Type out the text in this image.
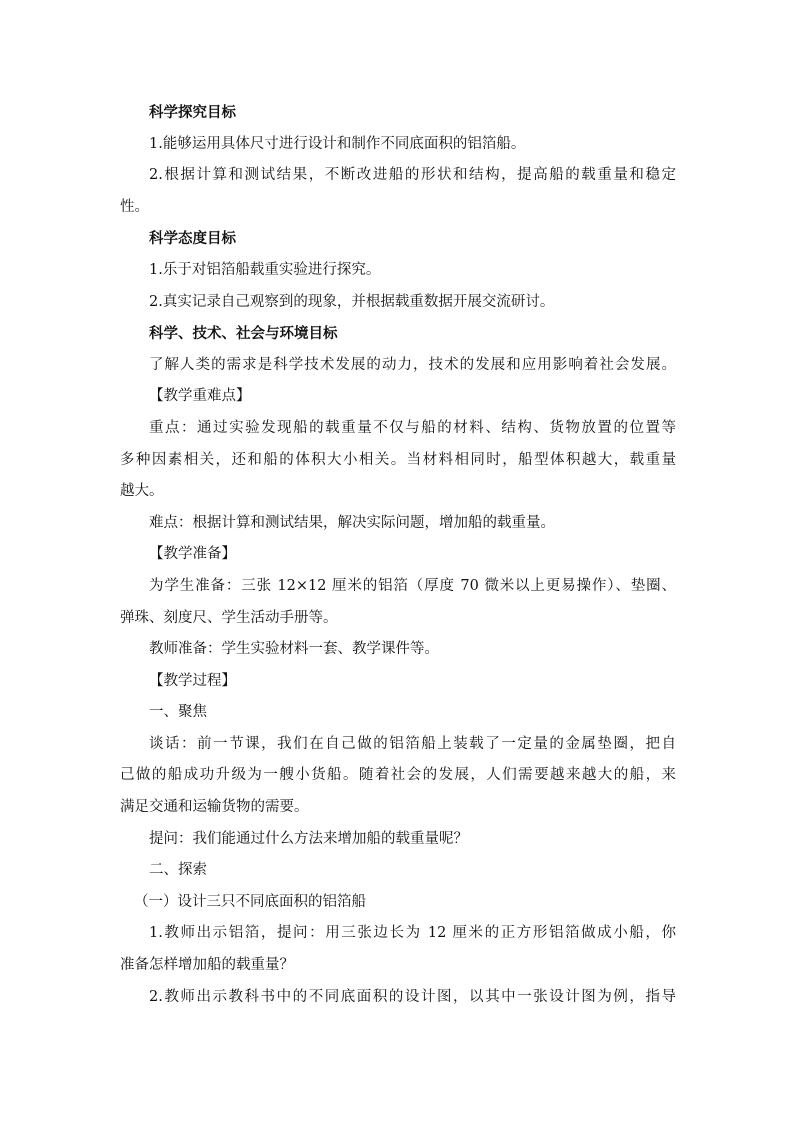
科学探究目标
1.能够运用具体尺寸进行设计和制作不同底面积的铝箔船。
2.根据计算和测试结果，不断改进船的形状和结构，提高船的载重量和稳定
性。
科学态度目标
1.乐于对铝箔船载重实验进行探究。
2.真实记录自己观察到的现象，并根据载重数据开展交流研讨。
科学、技术、社会与环境目标
了解人类的需求是科学技术发展的动力，技术的发展和应用影响着社会发展。
【教学重难点】
重点：通过实验发现船的载重量不仅与船的材料、结构、货物放置的位置等
多种因素相关，还和船的体积大小相关。当材料相同时，船型体积越大，载重量
越大。
难点：根据计算和测试结果，解决实际问题，增加船的载重量。
【教学准备】
为学生准备：三张 12×12 厘米的铝箔（厚度 70 微米以上更易操作）、垫圈、
弹珠、刻度尺、学生活动手册等。
教师准备：学生实验材料一套、教学课件等。
【教学过程】
一、聚焦
谈话：前一节课，我们在自己做的铝箔船上装载了一定量的金属垫圈，把自
己做的船成功升级为一艘小货船。随着社会的发展，人们需要越来越大的船，来
满足交通和运输货物的需要。
提问：我们能通过什么方法来增加船的载重量呢？
二、探索
（一）设计三只不同底面积的铝箔船
1.教师出示铝箔，提问：用三张边长为 12 厘米的正方形铝箔做成小船，你
准备怎样增加船的载重量？
2.教师出示教科书中的不同底面积的设计图，以其中一张设计图为例，指导
